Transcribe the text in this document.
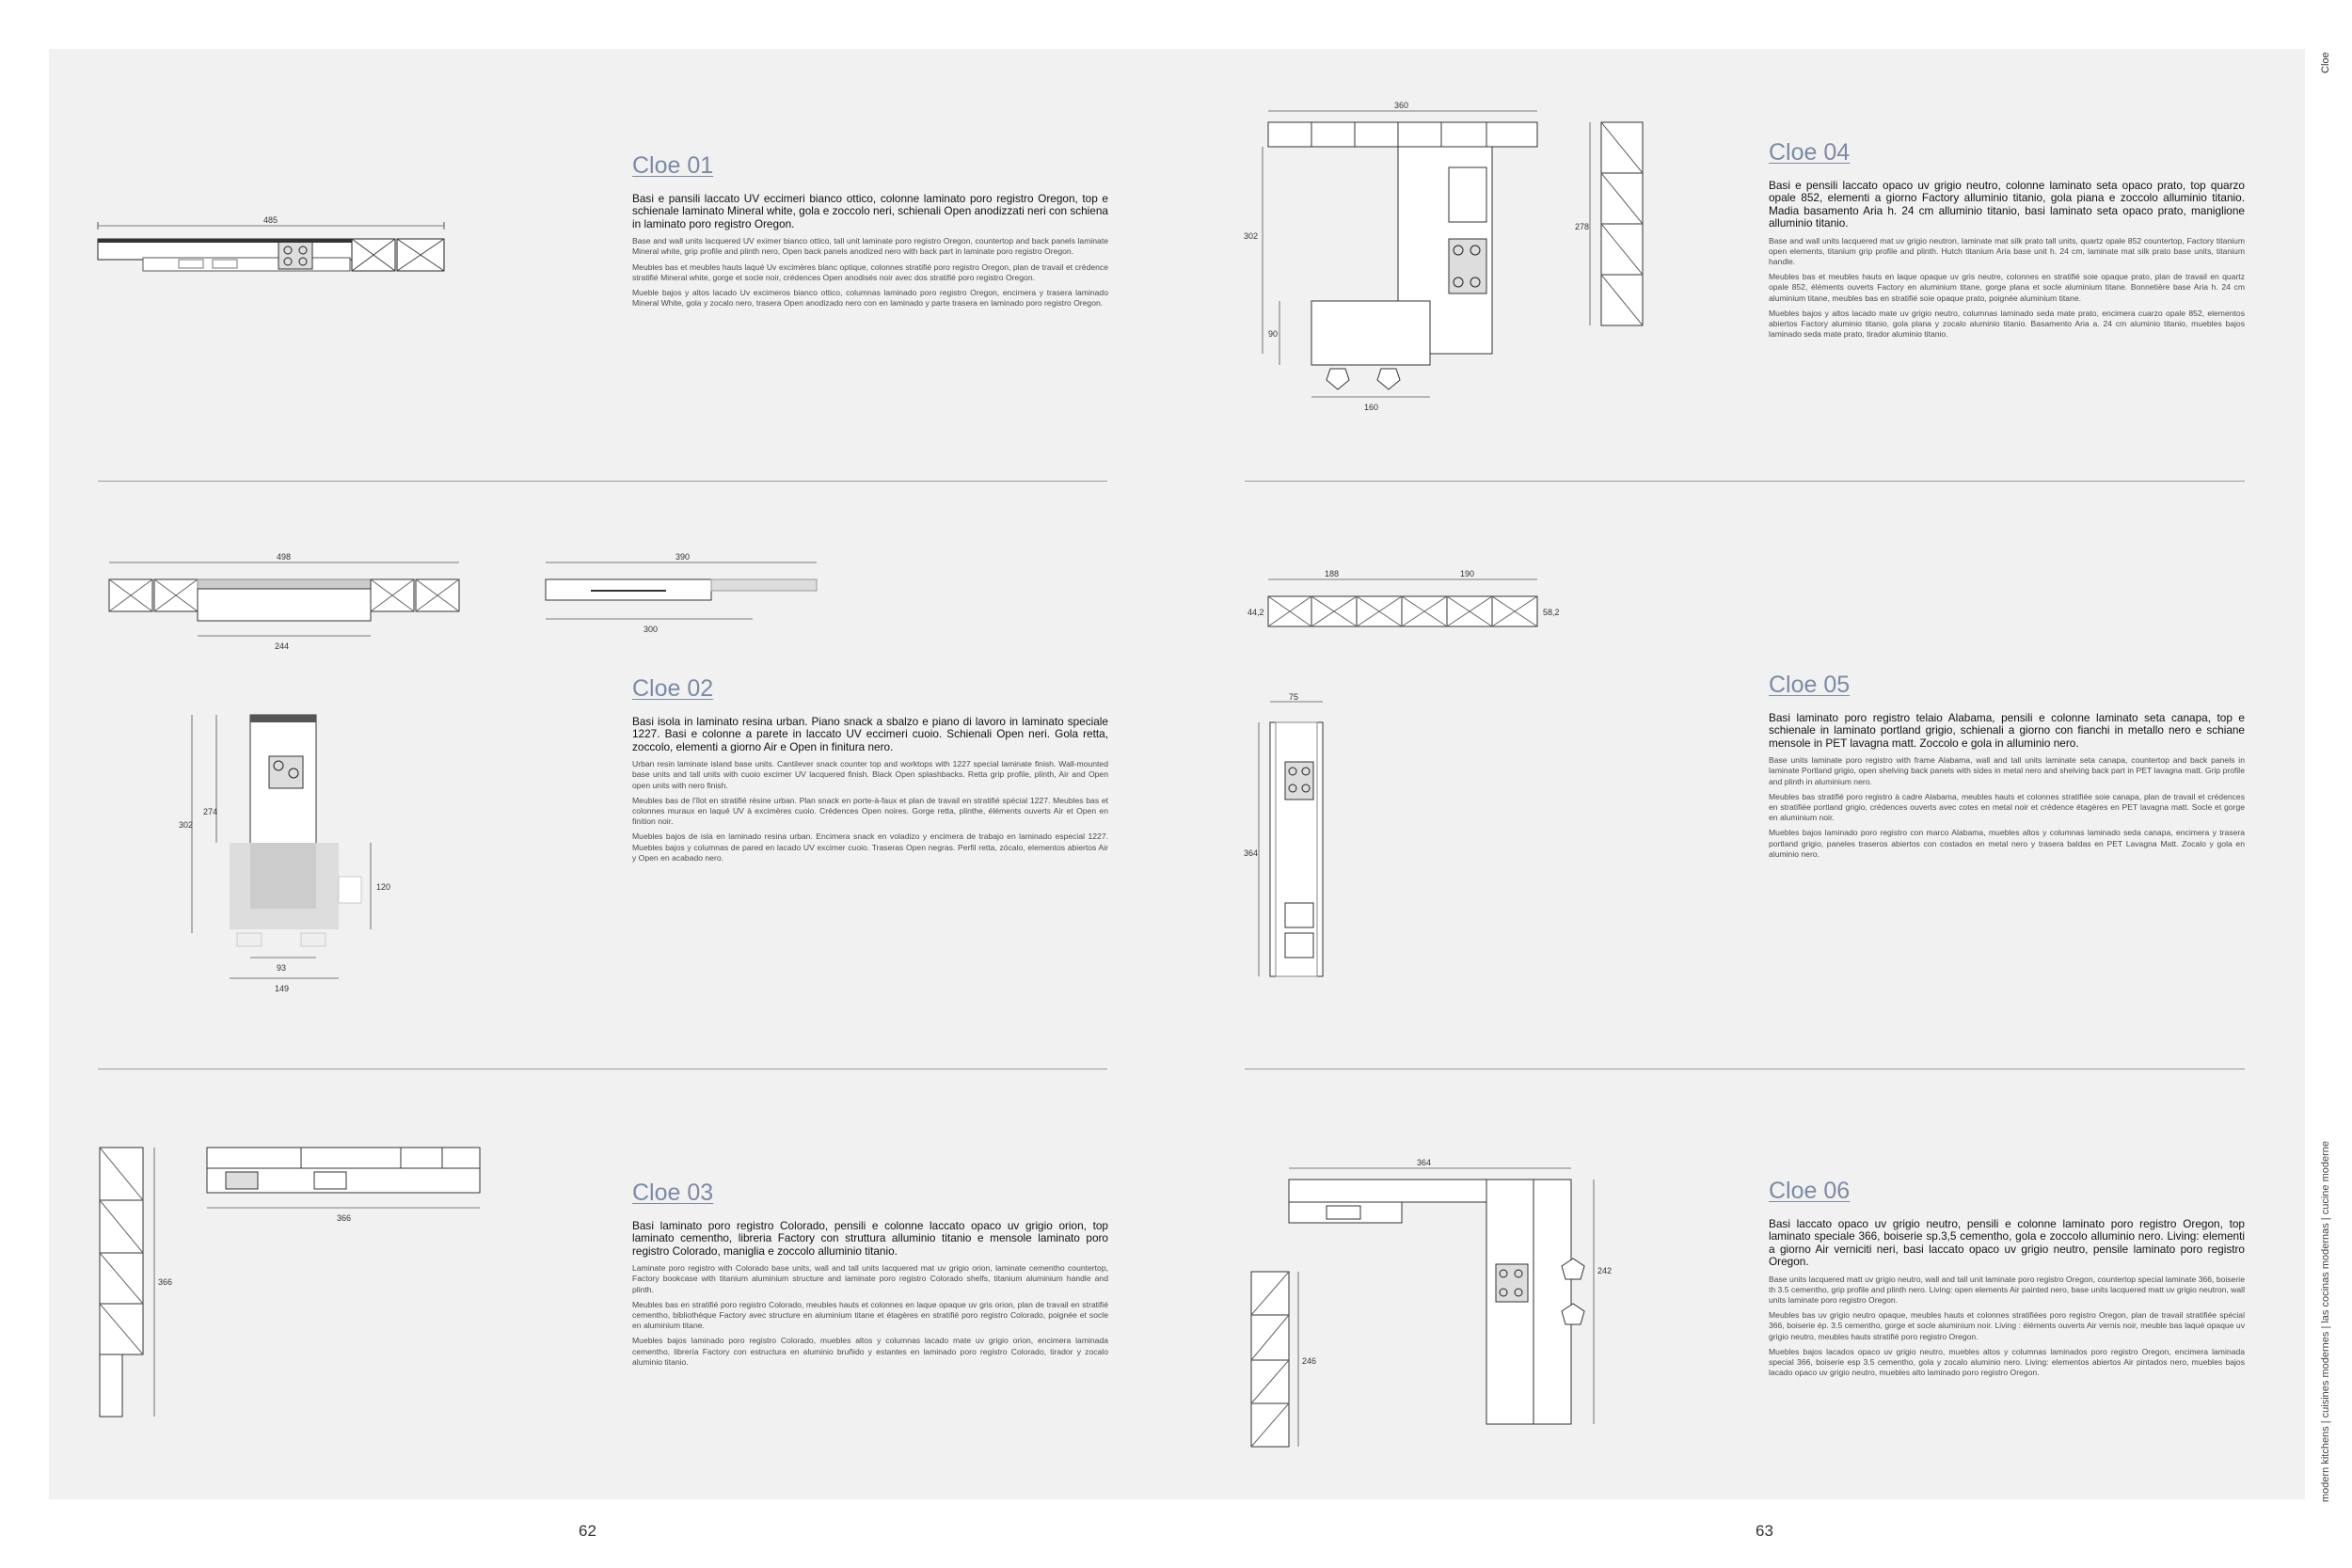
Cloe
modern kitchens | cuisines modernes | las cocinas modernas | cucine moderne
62	63
Cloe 01

Basi e pansili laccato UV eccimeri bianco ottico, colonne laminato poro registro Oregon, top e schienale laminato Mineral white, gola e zoccolo neri, schienali Open anodizzati neri con schiena in laminato poro registro Oregon.

Base and wall units lacquered UV eximer bianco ottico, tall unit laminate poro registro Oregon, countertop and back panels laminate Mineral white, grip profile and plinth nero, Open back panels anodized nero with back part in laminate poro registro Oregon.

Meubles bas et meubles hauts laqué Uv excimères blanc optique, colonnes stratifié poro registro Oregon, plan de travail et crédence stratifié Mineral white, gorge et socle noir, crédences Open anodisés noir avec dos stratifié poro registro Oregon.

Mueble bajos y altos lacado Uv excimeros bianco ottico, columnas laminado poro registro Oregon, encimera y trasera laminado Mineral White, gola y zocalo nero, trasera Open anodizado nero con en laminado y parte trasera en laminado poro registro Oregon.

Cloe 02

Basi isola in laminato resina urban. Piano snack a sbalzo e piano di lavoro in laminato speciale 1227. Basi e colonne a parete in laccato UV eccimeri cuoio. Schienali Open neri. Gola retta, zoccolo, elementi a giorno Air e Open in finitura nero.

Urban resin laminate island base units. Cantilever snack counter top and worktops with 1227 special laminate finish. Wall-mounted base units and tall units with cuoio excimer UV lacquered finish. Black Open splashbacks. Retta grip profile, plinth, Air and Open open units with nero finish.

Meubles bas de l'îlot en stratifié résine urban. Plan snack en porte-à-faux et plan de travail en stratifié spécial 1227. Meubles bas et colonnes muraux en laqué UV à excimères cuoio. Crédences Open noires. Gorge retta, plinthe, éléments ouverts Air et Open en finition noir.

Muebles bajos de isla en laminado resina urban. Encimera snack en voladizo y encimera de trabajo en laminado especial 1227. Muebles bajos y columnas de pared en lacado UV excimer cuoio. Traseras Open negras. Perfil retta, zócalo, elementos abiertos Air y Open en acabado nero.

Cloe 03

Basi laminato poro registro Colorado, pensili e colonne laccato opaco uv grigio orion, top laminato cementho, libreria Factory con struttura alluminio titanio e mensole laminato poro registro Colorado, maniglia e zoccolo alluminio titanio.

Laminate poro registro with Colorado base units, wall and tall units lacquered mat uv grigio orion, laminate cementho countertop, Factory bookcase with titanium aluminium structure and laminate poro registro Colorado shelfs, titanium aluminium handle and plinth.

Meubles bas en stratifié poro registro Colorado, meubles hauts et colonnes en laque opaque uv gris orion, plan de travail en stratifié cementho, bibliothèque Factory avec structure en aluminium titane et étagères en stratifié poro registro Colorado, poignée et socle en aluminium titane.

Muebles bajos laminado poro registro Colorado, muebles altos y columnas lacado mate uv grigio orion, encimera laminada cementho, librería Factory con estructura en aluminio bruñido y estantes en laminado poro registro Colorado, tirador y zocalo aluminio titanio.

Cloe 04

Basi e pensili laccato opaco uv grigio neutro, colonne laminato seta opaco prato, top quarzo opale 852, elementi a giorno Factory alluminio titanio, gola piana e zoccolo alluminio titanio. Madia basamento Aria h. 24 cm alluminio titanio, basi laminato seta opaco prato, maniglione alluminio titanio.

Base and wall units lacquered mat uv grigio neutron, laminate mat silk prato tall units, quartz opale 852 countertop, Factory titanium open elements, titanium grip profile and plinth. Hutch titanium Aria base unit h. 24 cm, laminate mat silk prato base units, titanium handle.

Meubles bas et meubles hauts en laque opaque uv gris neutre, colonnes en stratifié soie opaque prato, plan de travail en quartz opale 852, éléments ouverts Factory en aluminium titane, gorge plana et socle aluminium titane. Bonnetière base Aria h. 24 cm aluminium titane, meubles bas en stratifié soie opaque prato, poignée aluminium titane.

Muebles bajos y altos lacado mate uv grigio neutro, columnas laminado seda mate prato, encimera cuarzo opale 852, elementos abiertos Factory aluminio titanio, gola plana y zocalo aluminio titanio. Basamento Aria a. 24 cm aluminio titanio, muebles bajos laminado seda mate prato, tirador aluminio titanio.

Cloe 05

Basi laminato poro registro telaio Alabama, pensili e colonne laminato seta canapa, top e schienale in laminato portland grigio, schienali a giorno con fianchi in metallo nero e schiane mensole in PET lavagna matt. Zoccolo e gola in alluminio nero.

Base units laminate poro registro with frame Alabama, wall and tall units laminate seta canapa, countertop and back panels in laminate Portland grigio, open shelving back panels with sides in metal nero and shelving back part in PET lavagna matt. Grip profile and plinth in aluminium nero.

Meubles bas stratifié poro registro à cadre Alabama, meubles hauts et colonnes stratifiée soie canapa, plan de travail et crédences en stratifiée portland grigio, crédences ouverts avec cotes en metal noir et crédence étagères en PET lavagna matt. Socle et gorge en aluminium noir.

Muebles bajos laminado poro registro con marco Alabama, muebles altos y columnas laminado seda canapa, encimera y trasera portland grigio, paneles traseros abiertos con costados en metal nero y trasera baldas en PET Lavagna Matt. Zocalo y gola en aluminio nero.

Cloe 06

Basi laccato opaco uv grigio neutro, pensili e colonne laminato poro registro Oregon, top laminato speciale 366, boiserie sp.3,5 cementho, gola e zoccolo alluminio nero. Living: elementi a giorno Air verniciti neri, basi laccato opaco uv grigio neutro, pensile laminato poro registro Oregon.

Base units lacquered matt uv grigio neutro, wall and tall unit laminate poro registro Oregon, countertop special laminate 366, boiserie th 3.5 cementho, grip profile and plinth nero. Living: open elements Air painted nero, base units lacquered matt uv grigio neutron, wall units laminate poro registro Oregon.

Meubles bas uv grigio neutro opaque, meubles hauts et colonnes stratifiées poro registro Oregon, plan de travail stratifiée spécial 366, boiserie ép. 3.5 cementho, gorge et socle aluminium noir. Living : éléments ouverts Air vernis noir, meuble bas laqué opaque uv grigio neutro, meubles hauts stratifié poro registro Oregon.

Muebles bajos lacados opaco uv grigio neutro, muebles altos y columnas laminados poro registro Oregon, encimera laminada special 366, boiserie esp 3.5 cementho, gola y zocalo aluminio nero. Living: elementos abiertos Air pintados nero, muebles bajos lacado opaco uv grigio neutro, muebles alto laminado poro registro Oregon.

485
498
244
390
300
302
274
120
93
149
366
366
360
302
90
160
278
188	190
44,2	58,2
75
364
364
242
246
